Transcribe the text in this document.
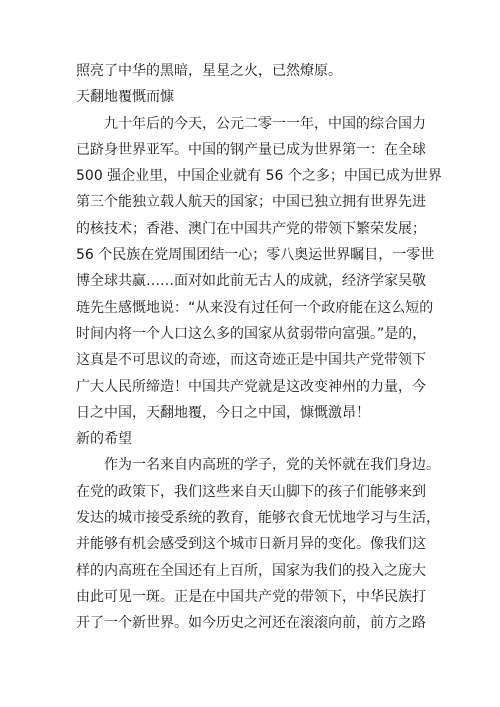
照亮了中华的黑暗，星星之火，已然燎原。
天翻地覆慨而慷
九十年后的今天，公元二零一一年，中国的综合国力
已跻身世界亚军。中国的钢产量已成为世界第一：在全球
500 强企业里，中国企业就有 56 个之多；中国已成为世界
第三个能独立载人航天的国家；中国已独立拥有世界先进
的核技术；香港、澳门在中国共产党的带领下繁荣发展；
56 个民族在党周围团结一心；零八奥运世界瞩目，一零世
博全球共赢……面对如此前无古人的成就，经济学家吴敬
琏先生感慨地说：“从来没有过任何一个政府能在这么短的
时间内将一个人口这么多的国家从贫弱带向富强。”是的，
这真是不可思议的奇迹，而这奇迹正是中国共产党带领下
广大人民所缔造！中国共产党就是这改变神州的力量，今
日之中国，天翻地覆，今日之中国，慷慨激昂！
新的希望
作为一名来自内高班的学子，党的关怀就在我们身边。
在党的政策下，我们这些来自天山脚下的孩子们能够来到
发达的城市接受系统的教育，能够衣食无忧地学习与生活，
并能够有机会感受到这个城市日新月异的变化。像我们这
样的内高班在全国还有上百所，国家为我们的投入之庞大
由此可见一斑。正是在中国共产党的带领下，中华民族打
开了一个新世界。如今历史之河还在滚滚向前，前方之路
